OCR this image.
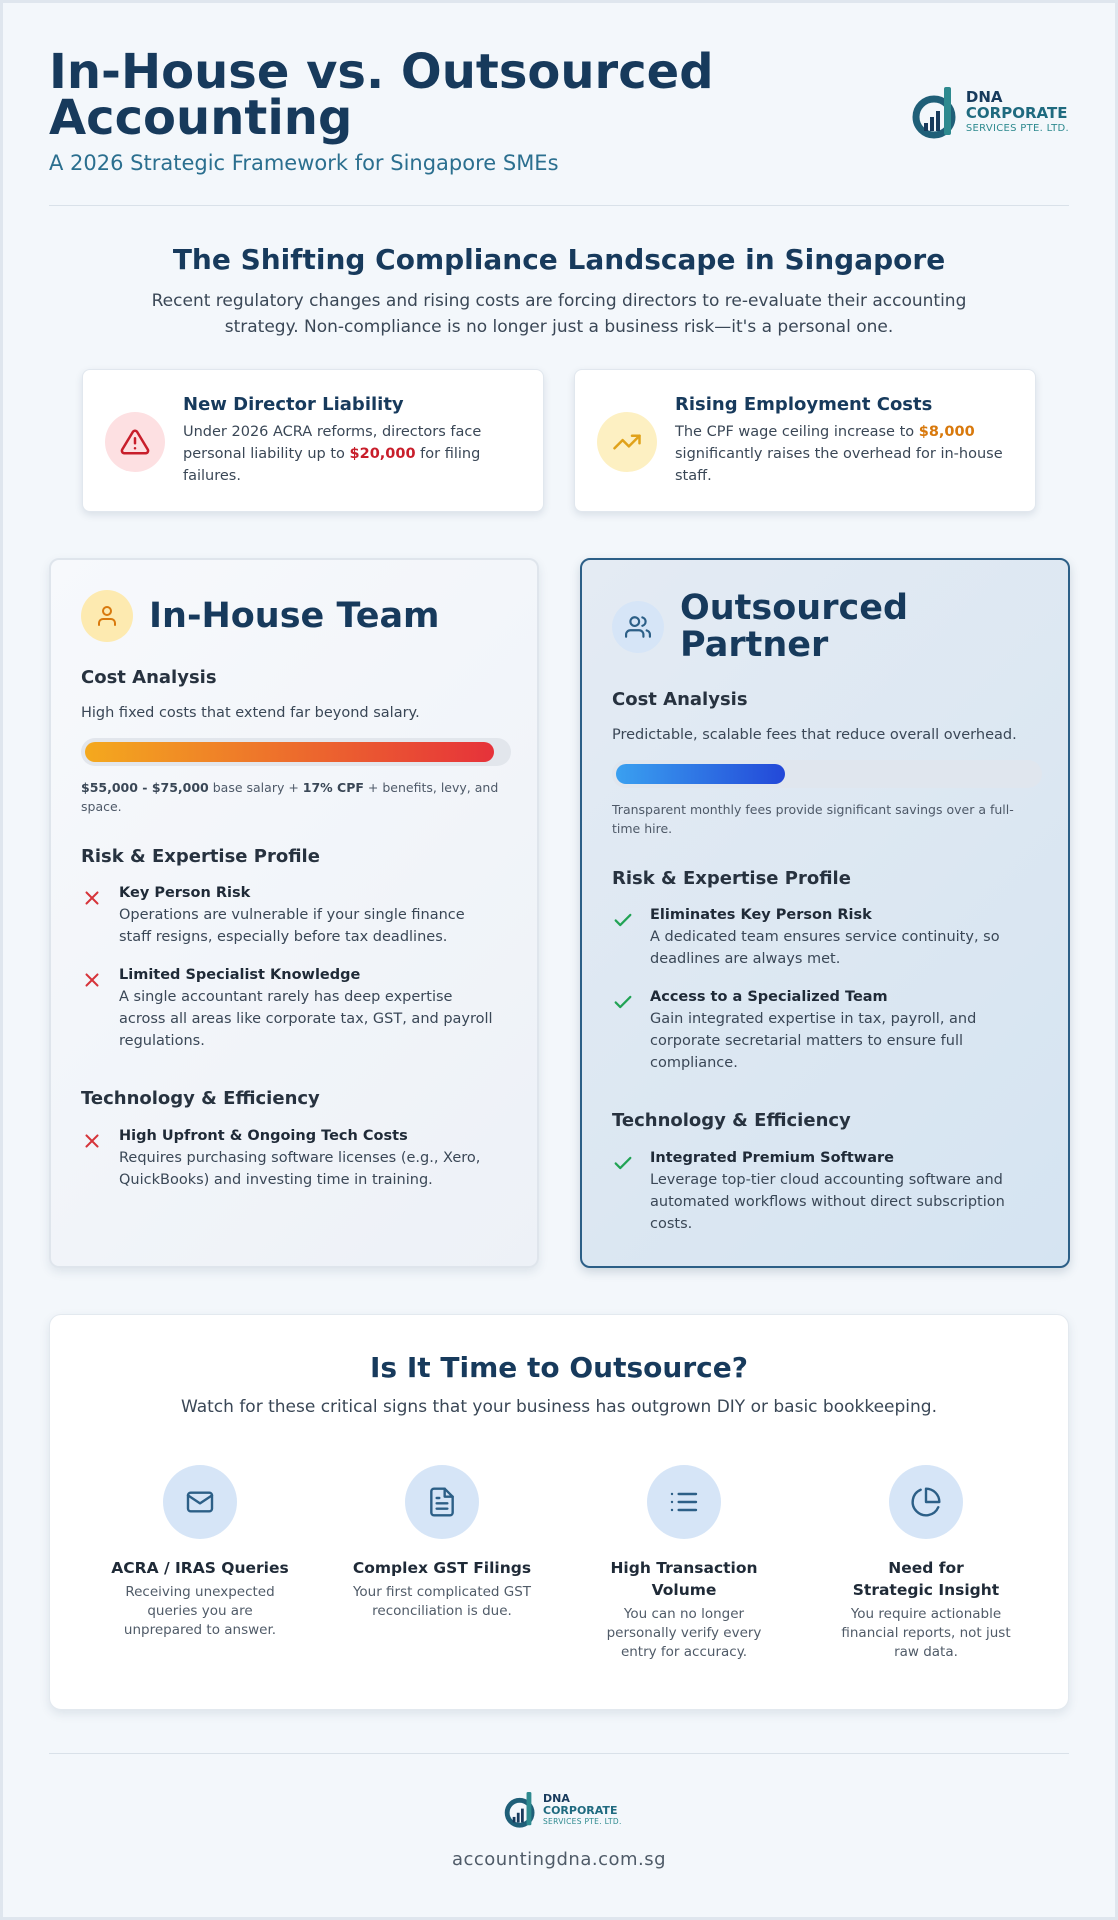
In-House vs. Outsourced Accounting
A 2026 Strategic Framework for Singapore SMEs
DNA
CORPORATE
SERVICES PTE. LTD.
The Shifting Compliance Landscape in Singapore

Recent regulatory changes and rising costs are forcing directors to re-evaluate their accounting strategy. Non-compliance is no longer just a business risk—it's a personal one.

New Director Liability
Under 2026 ACRA reforms, directors face personal liability up to $20,000 for filing failures.
Rising Employment Costs
The CPF wage ceiling increase to $8,000 significantly raises the overhead for in-house staff.
In-House Team
Cost Analysis
High fixed costs that extend far beyond salary.
$55,000 - $75,000 base salary + 17% CPF + benefits, levy, and space.
Risk & Expertise Profile
Key Person Risk
Operations are vulnerable if your single finance staff resigns, especially before tax deadlines.
Limited Specialist Knowledge
A single accountant rarely has deep expertise across all areas like corporate tax, GST, and payroll regulations.
Technology & Efficiency
High Upfront & Ongoing Tech Costs
Requires purchasing software licenses (e.g., Xero, QuickBooks) and investing time in training.
Outsourced Partner
Cost Analysis
Predictable, scalable fees that reduce overall overhead.
Transparent monthly fees provide significant savings over a full-time hire.
Risk & Expertise Profile
Eliminates Key Person Risk
A dedicated team ensures service continuity, so deadlines are always met.
Access to a Specialized Team
Gain integrated expertise in tax, payroll, and corporate secretarial matters to ensure full compliance.
Technology & Efficiency
Integrated Premium Software
Leverage top-tier cloud accounting software and automated workflows without direct subscription costs.
Is It Time to Outsource?
Watch for these critical signs that your business has outgrown DIY or basic bookkeeping.
ACRA / IRAS Queries
Receiving unexpected queries you are unprepared to answer.
Complex GST Filings
Your first complicated GST reconciliation is due.
High Transaction Volume
You can no longer personally verify every entry for accuracy.
Need for Strategic Insight
You require actionable financial reports, not just raw data.
DNA
CORPORATE
SERVICES PTE. LTD.
accountingdna.com.sg
